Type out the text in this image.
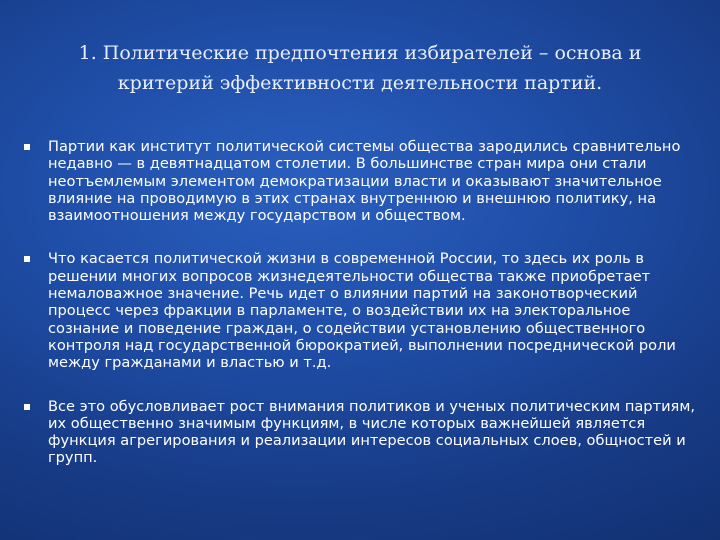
1. Политические предпочтения избирателей – основа и критерий эффективности деятельности партий.
Партии как институт политической системы общества зародились сравнительно недавно — в девятнадцатом столетии. В большинстве стран мира они стали неотъемлемым элементом демократизации власти и оказывают значительное влияние на проводимую в этих странах внутреннюю и внешнюю политику, на взаимоотношения между государством и обществом.
Что касается политической жизни в современной России, то здесь их роль в решении многих вопросов жизнедеятельности общества также приобретает немаловажное значение. Речь идет о влиянии партий на законотворческий процесс через фракции в парламенте, о воздействии их на электоральное сознание и поведение граждан, о содействии установлению общественного контроля над государственной бюрократией, выполнении посреднической роли между гражданами и властью и т.д.
Все это обусловливает рост внимания политиков и ученых политическим партиям, их общественно значимым функциям, в числе которых важнейшей является функция агрегирования и реализации интересов социальных слоев, общностей и групп.
